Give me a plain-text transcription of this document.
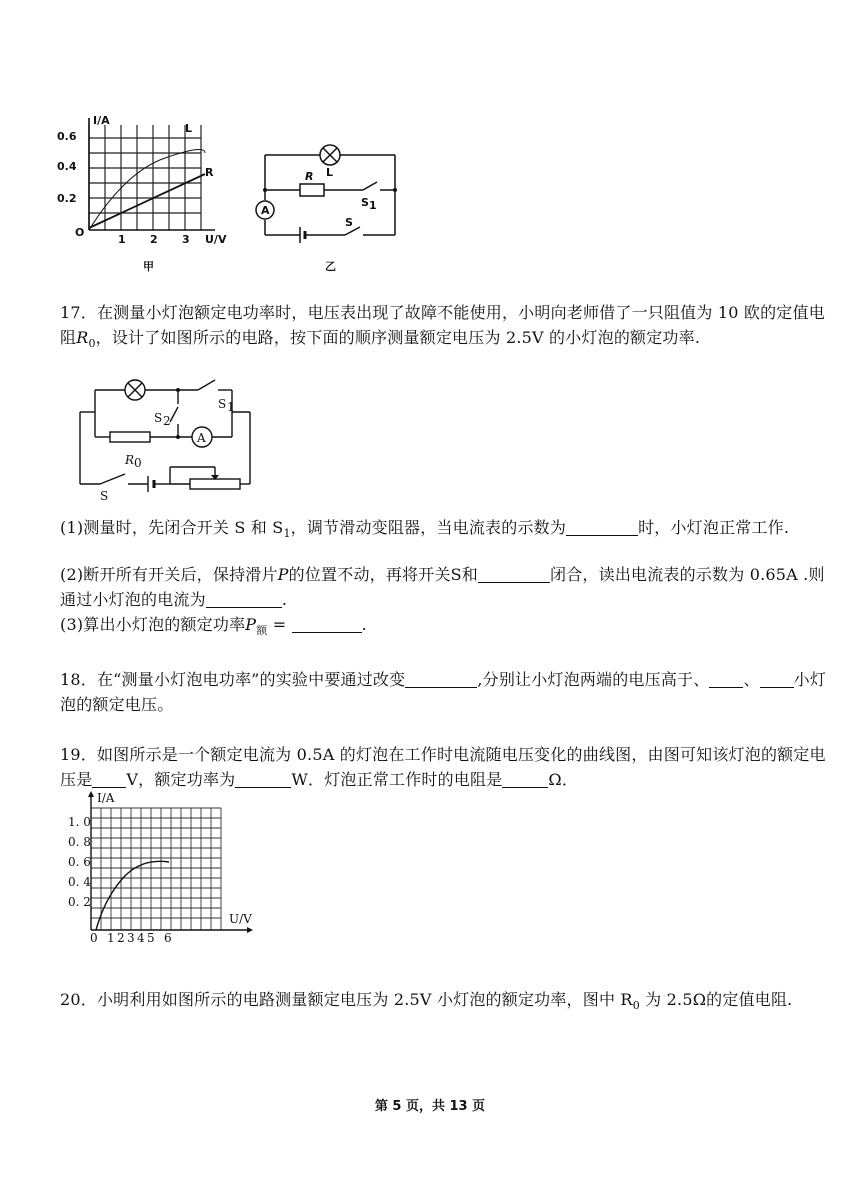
I/A
0.6
0.4
0.2
O
1 2 3 U/V
L
R
甲
L
A
R
S 1
S
乙
17．在测量小灯泡额定电功率时，电压表出现了故障不能使用，小明向老师借了一只阻值为 10 欧的定值电阻$R_0$，设计了如图所示的电路，按下面的顺序测量额定电压为 2.5V 的小灯泡的额定功率.
S 1
S 2
A
R 0
S
(1)测量时，先闭合开关 S 和 $S_1$，调节滑动变阻器，当电流表的示数为	时，小灯泡正常工作.
(2)断开所有开关后，保持滑片P的位置不动，再将开关S和	闭合，读出电流表的示数为 0.65A .则通过小灯泡的电流为	.
(3)算出小灯泡的额定功率$P_额$ =	.
18．在“测量小灯泡电功率”的实验中要通过改变	,分别让小灯泡两端的电压高于、 、 小灯泡的额定电压。
19．如图所示是一个额定电流为 0.5A 的灯泡在工作时电流随电压变化的曲线图，由图可知该灯泡的额定电压是 V，额定功率为	W．灯泡正常工作时的电阻是	Ω．
I/A
1. 0
0. 8
0. 6
0. 4
0. 2
0 1 2 3 4 5 6
U/V
20．小明利用如图所示的电路测量额定电压为 2.5V 小灯泡的额定功率，图中 $R_0$ 为 2.5Ω的定值电阻.
第 5 页，共 13 页
